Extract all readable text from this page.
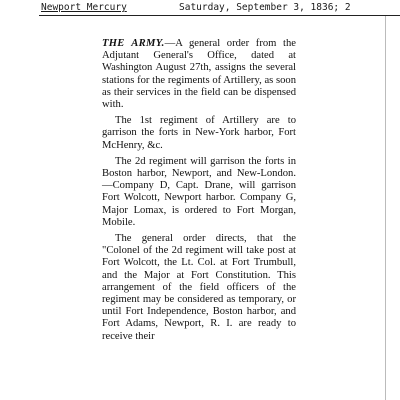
Newport Mercury	Saturday, September 3, 1836; 2

THE ARMY.—A general order from the Adjutant General's Office, dated at Washington August 27th, assigns the several stations for the regiments of Artillery, as soon as their services in the field can be dispensed with.

The 1st regiment of Artillery are to garrison the forts in New-York harbor, Fort McHenry, &c.

The 2d regiment will garrison the forts in Boston harbor, Newport, and New-London.—Company D, Capt. Drane, will garrison Fort Wolcott, Newport harbor. Company G, Major Lomax, is ordered to Fort Morgan, Mobile.

The general order directs, that the "Colonel of the 2d regiment will take post at Fort Wolcott, the Lt. Col. at Fort Trumbull, and the Major at Fort Constitution. This arrangement of the field officers of the regiment may be considered as temporary, or until Fort Independence, Boston harbor, and Fort Adams, Newport, R. I. are ready to receive their
